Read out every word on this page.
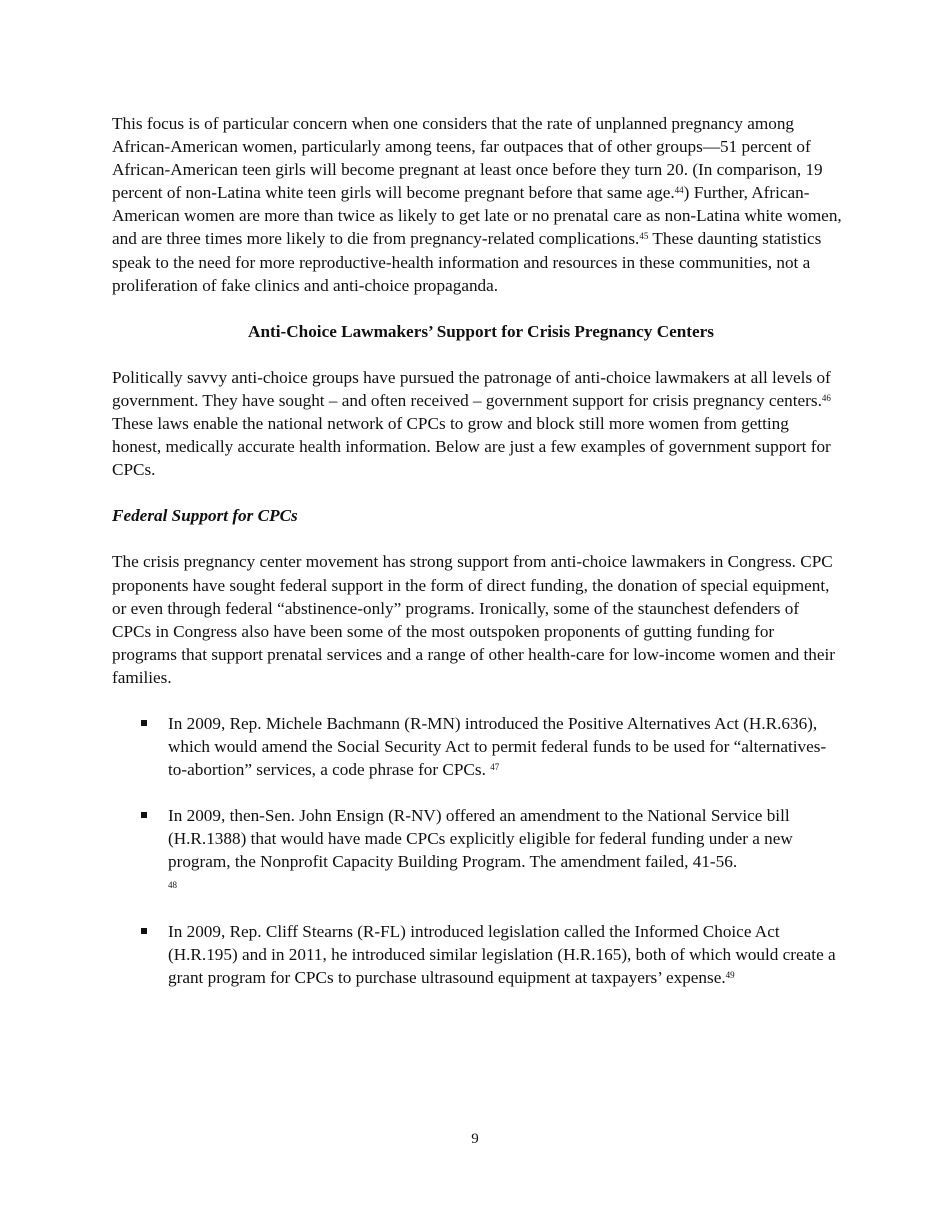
This focus is of particular concern when one considers that the rate of unplanned pregnancy among African-American women, particularly among teens, far outpaces that of other groups—51 percent of African-American teen girls will become pregnant at least once before they turn 20. (In comparison, 19 percent of non-Latina white teen girls will become pregnant before that same age.$^{44}$) Further, African-American women are more than twice as likely to get late or no prenatal care as non-Latina white women, and are three times more likely to die from pregnancy-related complications.$^{45}$ These daunting statistics speak to the need for more reproductive-health information and resources in these communities, not a proliferation of fake clinics and anti-choice propaganda.

Anti-Choice Lawmakers’ Support for Crisis Pregnancy Centers

Politically savvy anti-choice groups have pursued the patronage of anti-choice lawmakers at all levels of government. They have sought – and often received – government support for crisis pregnancy centers.$^{46}$ These laws enable the national network of CPCs to grow and block still more women from getting honest, medically accurate health information. Below are just a few examples of government support for CPCs.

Federal Support for CPCs

The crisis pregnancy center movement has strong support from anti-choice lawmakers in Congress. CPC proponents have sought federal support in the form of direct funding, the donation of special equipment, or even through federal “abstinence-only” programs. Ironically, some of the staunchest defenders of CPCs in Congress also have been some of the most outspoken proponents of gutting funding for programs that support prenatal services and a range of other health-care for low-income women and their families.

In 2009, Rep. Michele Bachmann (R-MN) introduced the Positive Alternatives Act (H.R.636), which would amend the Social Security Act to permit federal funds to be used for “alternatives-to-abortion” services, a code phrase for CPCs. $^{47}$
In 2009, then-Sen. John Ensign (R-NV) offered an amendment to the National Service bill (H.R.1388) that would have made CPCs explicitly eligible for federal funding under a new program, the Nonprofit Capacity Building Program. The amendment failed, 41-56.
48
In 2009, Rep. Cliff Stearns (R-FL) introduced legislation called the Informed Choice Act (H.R.195) and in 2011, he introduced similar legislation (H.R.165), both of which would create a grant program for CPCs to purchase ultrasound equipment at taxpayers’ expense.$^{49}$
9
